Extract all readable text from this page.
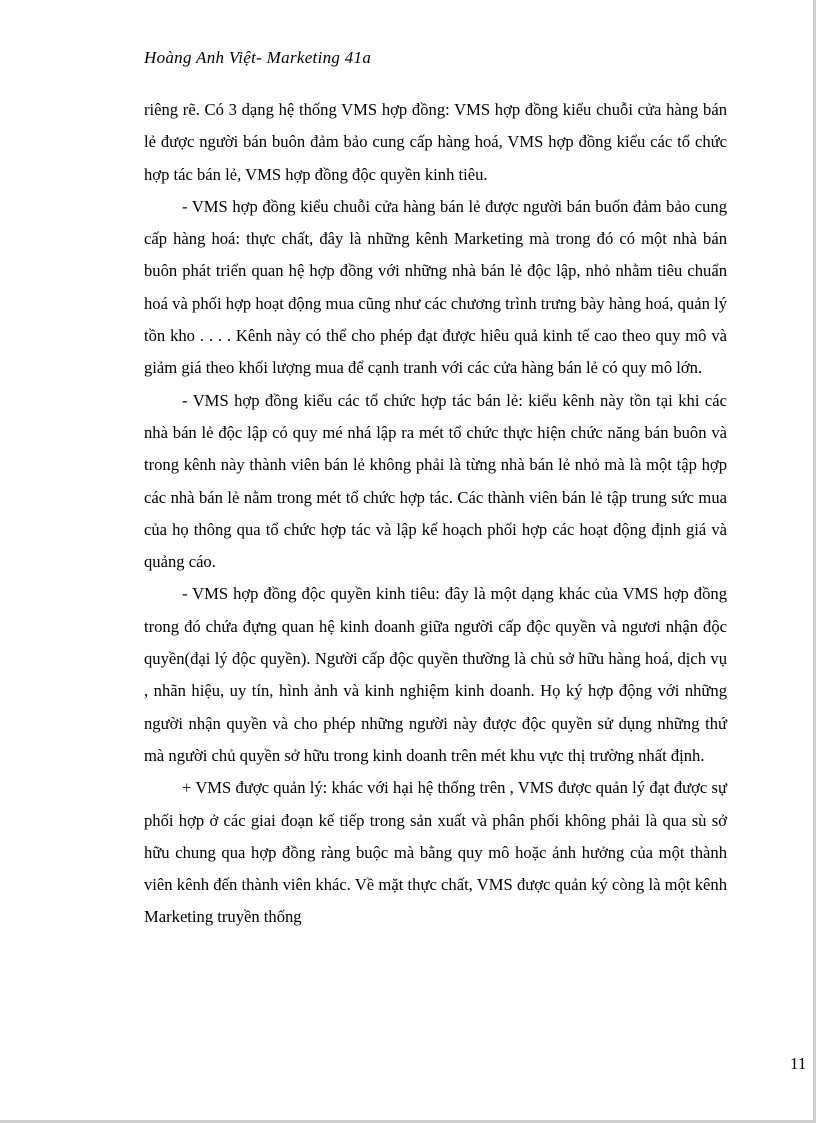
Hoàng Anh Việt- Marketing 41a

riêng rẽ. Có 3 dạng hệ thống VMS hợp đồng: VMS hợp đồng kiểu chuỗi cửa hàng bán lẻ được người bán buôn đảm bảo cung cấp hàng hoá, VMS hợp đồng kiểu các tổ chức hợp tác bán lẻ, VMS hợp đồng độc quyền kinh tiêu.

- VMS hợp đồng kiểu chuỗi cửa hàng bán lẻ được người bán buốn đảm bảo cung cấp hàng hoá: thực chất, đây là những kênh Marketing mà trong đó có một nhà bán buôn phát triển quan hệ hợp đồng với những nhà bán lẻ độc lập, nhỏ nhằm tiêu chuẩn hoá và phối hợp hoạt động mua cũng như các chương trình trưng bày hàng hoá, quản lý tồn kho . . . . Kênh này có thể cho phép đạt được hiêu quả kinh tế cao theo quy mô và giảm giá theo khối lượng mua để cạnh tranh với các cửa hàng bán lẻ có quy mô lớn.

- VMS hợp đồng kiểu các tổ chức hợp tác bán lẻ: kiểu kênh này tồn tại khi các nhà bán lẻ độc lập có quy mé nhá lập ra mét tổ chức thực hiện chức năng bán buôn và trong kênh này thành viên bán lẻ không phải là từng nhà bán lẻ nhỏ mà là một tập hợp các nhà bán lẻ nằm trong mét tổ chức hợp tác. Các thành viên bán lẻ tập trung sức mua của họ thông qua tổ chức hợp tác và lập kế hoạch phối hợp các hoạt động định giá và quảng cáo.

- VMS hợp đồng độc quyền kinh tiêu: đây là một dạng khác của VMS hợp đồng trong đó chứa đựng quan hệ kinh doanh giữa người cấp độc quyền và ngươi nhận độc quyền(đại lý độc quyền). Người cấp độc quyền thường là chủ sở hữu hàng hoá, dịch vụ , nhãn hiệu, uy tín, hình ảnh và kinh nghiệm kinh doanh. Họ ký hợp động với những người nhận quyền và cho phép những người này được độc quyền sử dụng những thứ mà người chủ quyền sở hữu trong kinh doanh trên mét khu vực thị trường nhất định.

+ VMS được quản lý: khác với hại hệ thống trên , VMS được quản lý đạt được sự phối hợp ở các giai đoạn kế tiếp trong sản xuất và phân phối không phải là qua sù sở hữu chung qua hợp đồng ràng buộc mà bằng quy mô hoặc ảnh hưởng của một thành viên kênh đến thành viên khác. Về mặt thực chất, VMS được quản ký còng là một kênh Marketing truyền thống

11
